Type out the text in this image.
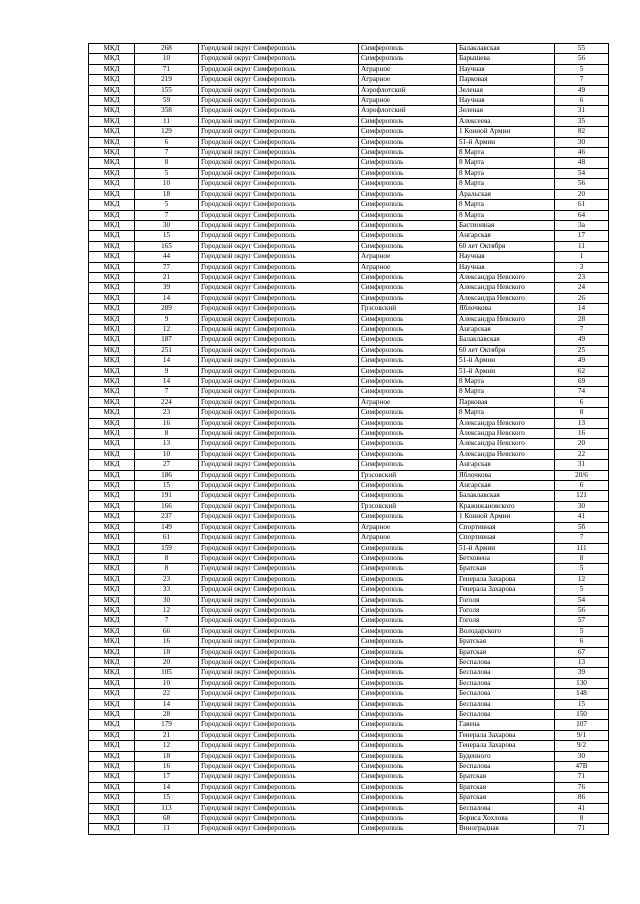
МКД	268	Городской округ Симферополь	Симферополь	Балаклавская	55
МКД	10	Городской округ Симферополь	Симферополь	Барышева	56
МКД	71	Городской округ Симферополь	Аграрное	Научная	5
МКД	219	Городской округ Симферополь	Аграрное	Парковая	7
МКД	155	Городской округ Симферополь	Аэрофлотский	Зеленая	49
МКД	59	Городской округ Симферополь	Аграрное	Научная	6
МКД	358	Городской округ Симферополь	Аэрофлотский	Зеленая	31
МКД	11	Городской округ Симферополь	Симферополь	Алексеева	35
МКД	129	Городской округ Симферополь	Симферополь	1 Конной Армии	82
МКД	6	Городской округ Симферополь	Симферополь	51-й Армии	30
МКД	7	Городской округ Симферополь	Симферополь	8 Марта	46
МКД	8	Городской округ Симферополь	Симферополь	8 Марта	48
МКД	5	Городской округ Симферополь	Симферополь	8 Марта	54
МКД	10	Городской округ Симферополь	Симферополь	8 Марта	56
МКД	18	Городской округ Симферополь	Симферополь	Аральская	20
МКД	5	Городской округ Симферополь	Симферополь	8 Марта	61
МКД	7	Городской округ Симферополь	Симферополь	8 Марта	64
МКД	30	Городской округ Симферополь	Симферополь	Бастионная	3а
МКД	15	Городской округ Симферополь	Симферополь	Ангарская	17
МКД	165	Городской округ Симферополь	Симферополь	60 лет Октября	11
МКД	44	Городской округ Симферополь	Аграрное	Научная	1
МКД	77	Городской округ Симферополь	Аграрное	Научная	3
МКД	21	Городской округ Симферополь	Симферополь	Александра Невского	23
МКД	39	Городской округ Симферополь	Симферополь	Александра Невского	24
МКД	14	Городской округ Симферополь	Симферополь	Александра Невского	26
МКД	289	Городской округ Симферополь	Грэсовский	Яблочкова	14
МКД	9	Городской округ Симферополь	Симферополь	Александра Невского	28
МКД	12	Городской округ Симферополь	Симферополь	Ангарская	7
МКД	187	Городской округ Симферополь	Симферополь	Балаклавская	49
МКД	251	Городской округ Симферополь	Симферополь	60 лет Октября	25
МКД	14	Городской округ Симферополь	Симферополь	51-й Армии	49
МКД	9	Городской округ Симферополь	Симферополь	51-й Армии	62
МКД	14	Городской округ Симферополь	Симферополь	8 Марта	69
МКД	7	Городской округ Симферополь	Симферополь	8 Марта	74
МКД	224	Городской округ Симферополь	Аграрное	Парковая	6
МКД	23	Городской округ Симферополь	Симферополь	8 Марта	8
МКД	16	Городской округ Симферополь	Симферополь	Александра Невского	13
МКД	8	Городской округ Симферополь	Симферополь	Александра Невского	16
МКД	13	Городской округ Симферополь	Симферополь	Александра Невского	20
МКД	10	Городской округ Симферополь	Симферополь	Александра Невского	22
МКД	27	Городской округ Симферополь	Симферополь	Ангарская	31
МКД	186	Городской округ Симферополь	Грэсовский	Яблочкова	20/6
МКД	15	Городской округ Симферополь	Симферополь	Ангарская	6
МКД	191	Городской округ Симферополь	Симферополь	Балаклавская	121
МКД	166	Городской округ Симферополь	Грэсовский	Кражижановского	30
МКД	237	Городской округ Симферополь	Симферополь	1 Конной Армии	41
МКД	149	Городской округ Симферополь	Аграрное	Спортивная	5б
МКД	61	Городской округ Симферополь	Аграрное	Спортивная	7
МКД	159	Городской округ Симферополь	Симферополь	51-й Армии	111
МКД	8	Городской округ Симферополь	Симферополь	Бетховена	8
МКД	8	Городской округ Симферополь	Симферополь	Братская	5
МКД	23	Городской округ Симферополь	Симферополь	Генерала Захарова	12
МКД	33	Городской округ Симферополь	Симферополь	Генерала Захарова	5
МКД	30	Городской округ Симферополь	Симферополь	Гоголя	54
МКД	12	Городской округ Симферополь	Симферополь	Гоголя	56
МКД	7	Городской округ Симферополь	Симферополь	Гоголя	57
МКД	66	Городской округ Симферополь	Симферополь	Володарского	5
МКД	16	Городской округ Симферополь	Симферополь	Братская	6
МКД	18	Городской округ Симферополь	Симферополь	Братская	67
МКД	20	Городской округ Симферополь	Симферополь	Беспалова	13
МКД	105	Городской округ Симферополь	Симферополь	Беспалова	39
МКД	10	Городской округ Симферополь	Симферополь	Беспалова	130
МКД	22	Городской округ Симферополь	Симферополь	Беспалова	148
МКД	14	Городской округ Симферополь	Симферополь	Беспалова	15
МКД	28	Городской округ Симферополь	Симферополь	Беспалова	150
МКД	179	Городской округ Симферополь	Симферополь	Гавена	107
МКД	21	Городской округ Симферополь	Симферополь	Генерала Захарова	9/1
МКД	12	Городской округ Симферополь	Симферополь	Генерала Захарова	9/2
МКД	18	Городской округ Симферополь	Симферополь	Буденного	30
МКД	16	Городской округ Симферополь	Симферополь	Беспалова	47В
МКД	17	Городской округ Симферополь	Симферополь	Братская	71
МКД	14	Городской округ Симферополь	Симферополь	Братская	76
МКД	15	Городской округ Симферополь	Симферополь	Братская	86
МКД	113	Городской округ Симферополь	Симферополь	Беспалова	41
МКД	68	Городской округ Симферополь	Симферополь	Бориса Хохлова	8
МКД	11	Городской округ Симферополь	Симферополь	Виноградная	71
